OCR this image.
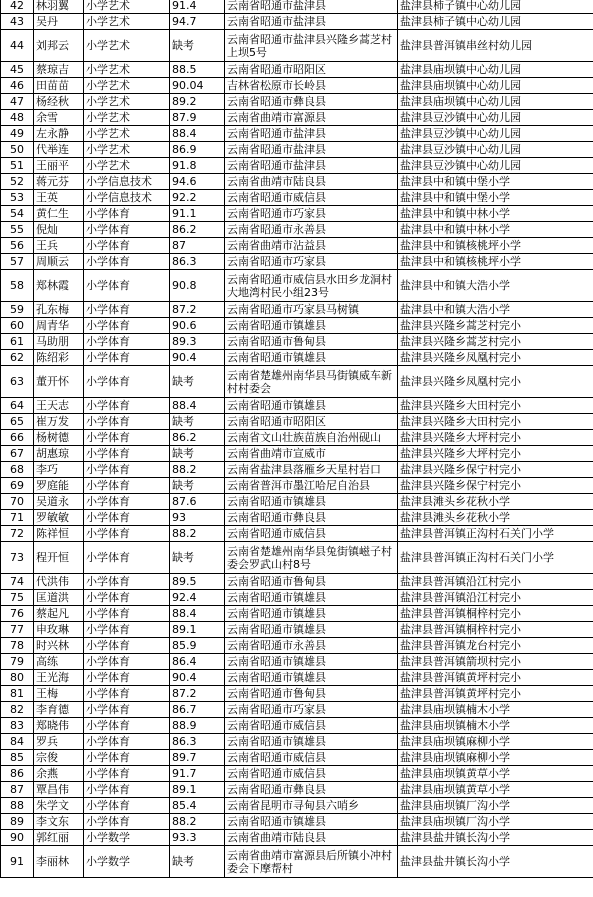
42	林羽翼	小学艺术	91.4	云南省昭通市盐津县	盐津县柿子镇中心幼儿园
43	吴丹	小学艺术	94.7	云南省昭通市盐津县	盐津县柿子镇中心幼儿园
44	刘邦云	小学艺术	缺考	云南省昭通市盐津县兴隆乡蒿芝村上坝5号	盐津县普洱镇串丝村幼儿园
45	蔡琼吉	小学艺术	88.5	云南省昭通市昭阳区	盐津县庙坝镇中心幼儿园
46	田苗苗	小学艺术	90.04	吉林省松原市长岭县	盐津县庙坝镇中心幼儿园
47	杨经秋	小学艺术	89.2	云南省昭通市彝良县	盐津县庙坝镇中心幼儿园
48	余雪	小学艺术	87.9	云南省曲靖市富源县	盐津县豆沙镇中心幼儿园
49	左永静	小学艺术	88.4	云南省昭通市盐津县	盐津县豆沙镇中心幼儿园
50	代举连	小学艺术	86.9	云南省昭通市盐津县	盐津县豆沙镇中心幼儿园
51	王丽平	小学艺术	91.8	云南省昭通市盐津县	盐津县豆沙镇中心幼儿园
52	蒋元芬	小学信息技术	94.6	云南省曲靖市陆良县	盐津县中和镇中堡小学
53	王英	小学信息技术	92.2	云南省昭通市威信县	盐津县中和镇中堡小学
54	黄仁生	小学体育	91.1	云南省昭通市巧家县	盐津县中和镇中林小学
55	倪灿	小学体育	86.2	云南省昭通市永善县	盐津县中和镇中林小学
56	王兵	小学体育	87	云南省曲靖市沾益县	盐津县中和镇核桃坪小学
57	周顺云	小学体育	86.3	云南省昭通市巧家县	盐津县中和镇核桃坪小学
58	郑林霞	小学体育	90.8	云南省昭通市威信县水田乡龙洞村大地湾村民小组23号	盐津县中和镇大浩小学
59	孔东梅	小学体育	87.2	云南省昭通市巧家县马树镇	盐津县中和镇大浩小学
60	周青华	小学体育	90.6	云南省昭通市镇雄县	盐津县兴隆乡蒿芝村完小
61	马助朋	小学体育	89.3	云南省昭通市鲁甸县	盐津县兴隆乡蒿芝村完小
62	陈绍彩	小学体育	90.4	云南省昭通市镇雄县	盐津县兴隆乡凤凰村完小
63	董开怀	小学体育	缺考	云南省楚雄州南华县马街镇威车新村村委会	盐津县兴隆乡凤凰村完小
64	王天志	小学体育	88.4	云南省昭通市镇雄县	盐津县兴隆乡大田村完小
65	崔万发	小学体育	缺考	云南省昭通市昭阳区	盐津县兴隆乡大田村完小
66	杨树德	小学体育	86.2	云南省文山壮族苗族自治州砚山	盐津县兴隆乡大坪村完小
67	胡惠琼	小学体育	缺考	云南省曲靖市宣威市	盐津县兴隆乡大坪村完小
68	李巧	小学体育	88.2	云南省盐津县落雁乡天星村岩口	盐津县兴隆乡保宁村完小
69	罗庭能	小学体育	缺考	云南省普洱市墨江哈尼自治县	盐津县兴隆乡保宁村完小
70	吴道永	小学体育	87.6	云南省昭通市镇雄县	盐津县滩头乡花秋小学
71	罗敏敏	小学体育	93	云南省昭通市彝良县	盐津县滩头乡花秋小学
72	陈祥恒	小学体育	88.2	云南省昭通市威信县	盐津县普洱镇正沟村石关门小学
73	程开恒	小学体育	缺考	云南省楚雄州南华县兔街镇嵫子村委会罗武山村8号	盐津县普洱镇正沟村石关门小学
74	代洪伟	小学体育	89.5	云南省昭通市鲁甸县	盐津县普洱镇沿江村完小
75	匡道洪	小学体育	92.4	云南省昭通市镇雄县	盐津县普洱镇沿江村完小
76	蔡起凡	小学体育	88.4	云南省昭通市镇雄县	盐津县普洱镇桐梓村完小
77	申玫琳	小学体育	89.1	云南省昭通市镇雄县	盐津县普洱镇桐梓村完小
78	时兴林	小学体育	85.9	云南省昭通市永善县	盐津县普洱镇龙台村完小
79	高练	小学体育	86.4	云南省昭通市镇雄县	盐津县普洱镇箭坝村完小
80	王光海	小学体育	90.4	云南省昭通市镇雄县	盐津县普洱镇黄坪村完小
81	王梅	小学体育	87.2	云南省昭通市鲁甸县	盐津县普洱镇黄坪村完小
82	李育德	小学体育	86.7	云南省昭通市巧家县	盐津县庙坝镇楠木小学
83	郑晓伟	小学体育	88.9	云南省昭通市威信县	盐津县庙坝镇楠木小学
84	罗兵	小学体育	86.3	云南省昭通市镇雄县	盐津县庙坝镇麻柳小学
85	宗俊	小学体育	89.7	云南省昭通市威信县	盐津县庙坝镇麻柳小学
86	余燕	小学体育	91.7	云南省昭通市威信县	盐津县庙坝镇黄草小学
87	覃昌伟	小学体育	89.1	云南省昭通市彝良县	盐津县庙坝镇黄草小学
88	朱学文	小学体育	85.4	云南省昆明市寻甸县六哨乡	盐津县庙坝镇厂沟小学
89	李文东	小学体育	88.2	云南省昭通市镇雄县	盐津县庙坝镇厂沟小学
90	郭红丽	小学数学	93.3	云南省曲靖市陆良县	盐津县盐井镇长沟小学
91	李丽林	小学数学	缺考	云南省曲靖市富源县后所镇小冲村委会下摩帮村	盐津县盐井镇长沟小学
